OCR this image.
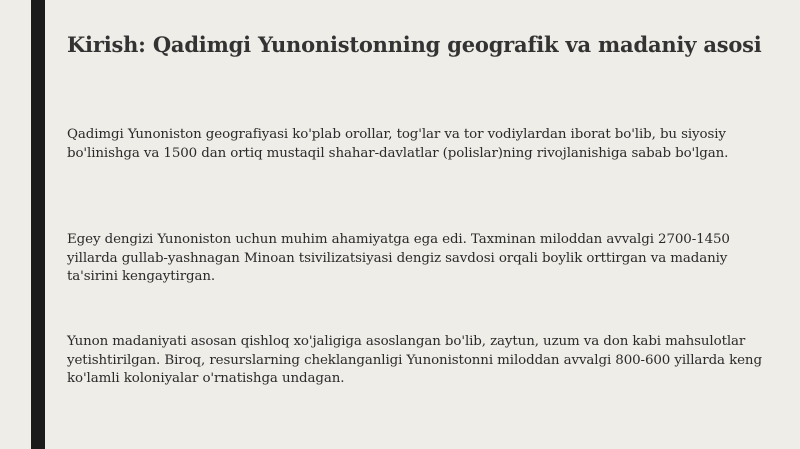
Kirish: Qadimgi Yunonistonning geografik va madaniy asosi

Qadimgi Yunoniston geografiyasi ko'plab orollar, tog'lar va tor vodiylardan iborat bo'lib, bu siyosiy bo'linishga va 1500 dan ortiq mustaqil shahar-davlatlar (polislar)ning rivojlanishiga sabab bo'lgan.

Egey dengizi Yunoniston uchun muhim ahamiyatga ega edi. Taxminan miloddan avvalgi 2700-1450 yillarda gullab-yashnagan Minoan tsivilizatsiyasi dengiz savdosi orqali boylik orttirgan va madaniy ta'sirini kengaytirgan.

Yunon madaniyati asosan qishloq xo'jaligiga asoslangan bo'lib, zaytun, uzum va don kabi mahsulotlar yetishtirilgan. Biroq, resurslarning cheklanganligi Yunonistonni miloddan avvalgi 800-600 yillarda keng ko'lamli koloniyalar o'rnatishga undagan.
